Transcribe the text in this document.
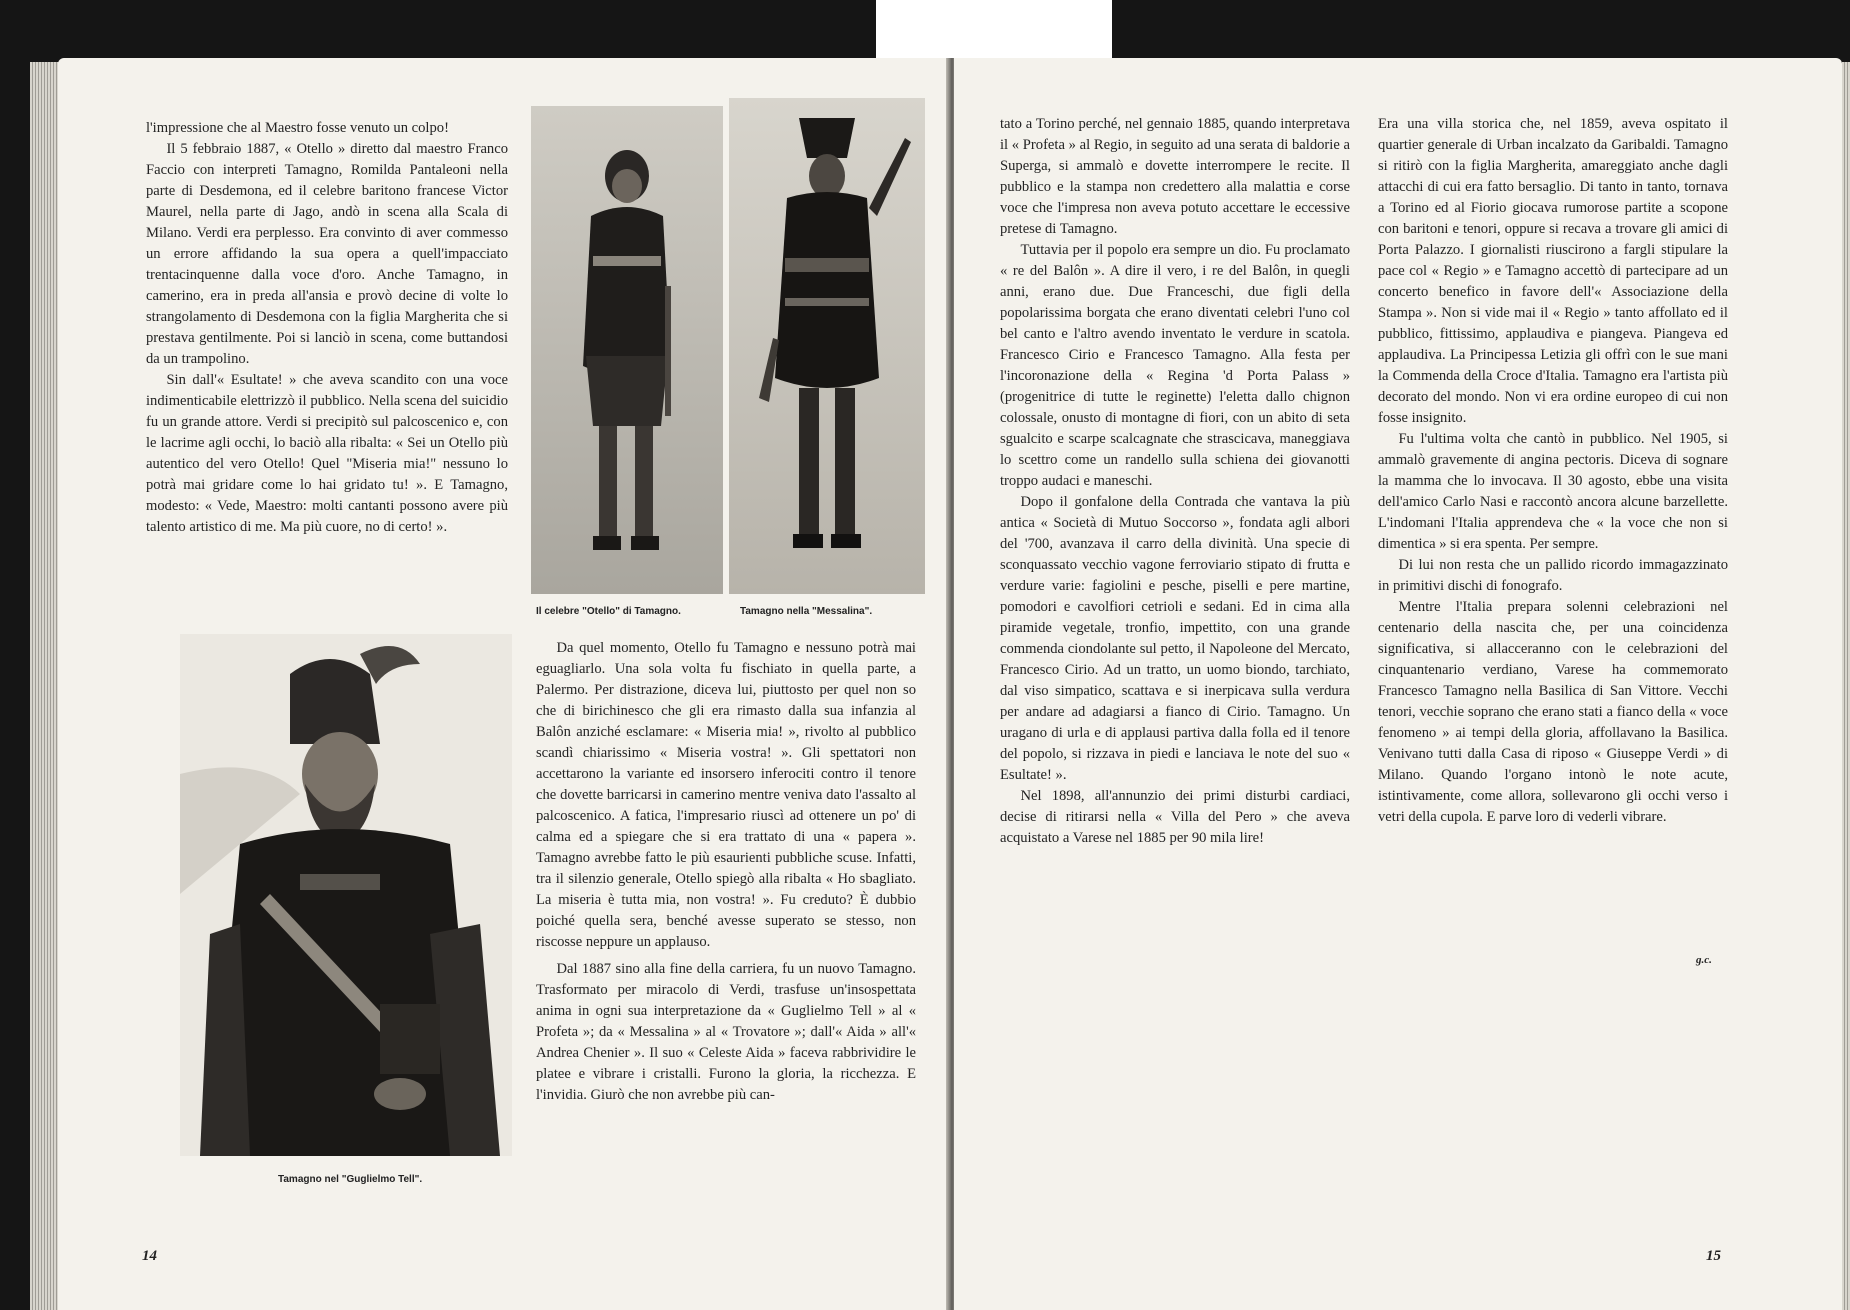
l'impressione che al Maestro fosse venuto un colpo!

Il 5 febbraio 1887, « Otello » diretto dal maestro Franco Faccio con interpreti Tamagno, Romilda Pantaleoni nella parte di Desdemona, ed il celebre baritono francese Victor Maurel, nella parte di Jago, andò in scena alla Scala di Milano. Verdi era perplesso. Era convinto di aver commesso un errore affidando la sua opera a quell'impacciato trentacinquenne dalla voce d'oro. Anche Tamagno, in camerino, era in preda all'ansia e provò decine di volte lo strangolamento di Desdemona con la figlia Margherita che si prestava gentilmente. Poi si lanciò in scena, come buttandosi da un trampolino.

Sin dall'« Esultate! » che aveva scandito con una voce indimenticabile elettrizzò il pubblico. Nella scena del suicidio fu un grande attore. Verdi si precipitò sul palcoscenico e, con le lacrime agli occhi, lo baciò alla ribalta: « Sei un Otello più autentico del vero Otello! Quel "Miseria mia!" nessuno lo potrà mai gridare come lo hai gridato tu! ». E Tamagno, modesto: « Vede, Maestro: molti cantanti possono avere più talento artistico di me. Ma più cuore, no di certo! ».

Il celebre "Otello" di Tamagno.	Tamagno nella "Messalina".
Tamagno nel "Guglielmo Tell".

Da quel momento, Otello fu Tamagno e nessuno potrà mai eguagliarlo. Una sola volta fu fischiato in quella parte, a Palermo. Per distrazione, diceva lui, piuttosto per quel non so che di birichinesco che gli era rimasto dalla sua infanzia al Balôn anziché esclamare: « Miseria mia! », rivolto al pubblico scandì chiarissimo « Miseria vostra! ». Gli spettatori non accettarono la variante ed insorsero inferociti contro il tenore che dovette barricarsi in camerino mentre veniva dato l'assalto al palcoscenico. A fatica, l'impresario riuscì ad ottenere un po' di calma ed a spiegare che si era trattato di una « papera ». Tamagno avrebbe fatto le più esaurienti pubbliche scuse. Infatti, tra il silenzio generale, Otello spiegò alla ribalta « Ho sbagliato. La miseria è tutta mia, non vostra! ». Fu creduto? È dubbio poiché quella sera, benché avesse superato se stesso, non riscosse neppure un applauso.

Dal 1887 sino alla fine della carriera, fu un nuovo Tamagno. Trasformato per miracolo di Verdi, trasfuse un'insospettata anima in ogni sua interpretazione da « Guglielmo Tell » al « Profeta »; da « Messalina » al « Trovatore »; dall'« Aida » all'« Andrea Chenier ». Il suo « Celeste Aida » faceva rabbrividire le platee e vibrare i cristalli. Furono la gloria, la ricchezza. E l'invidia. Giurò che non avrebbe più can-

14

tato a Torino perché, nel gennaio 1885, quando interpretava il « Profeta » al Regio, in seguito ad una serata di baldorie a Superga, si ammalò e dovette interrompere le recite. Il pubblico e la stampa non credettero alla malattia e corse voce che l'impresa non aveva potuto accettare le eccessive pretese di Tamagno.

Tuttavia per il popolo era sempre un dio. Fu proclamato « re del Balôn ». A dire il vero, i re del Balôn, in quegli anni, erano due. Due Franceschi, due figli della popolarissima borgata che erano diventati celebri l'uno col bel canto e l'altro avendo inventato le verdure in scatola. Francesco Cirio e Francesco Tamagno. Alla festa per l'incoronazione della « Regina 'd Porta Palass » (progenitrice di tutte le reginette) l'eletta dallo chignon colossale, onusto di montagne di fiori, con un abito di seta sgualcito e scarpe scalcagnate che strascicava, maneggiava lo scettro come un randello sulla schiena dei giovanotti troppo audaci e maneschi.

Dopo il gonfalone della Contrada che vantava la più antica « Società di Mutuo Soccorso », fondata agli albori del '700, avanzava il carro della divinità. Una specie di sconquassato vecchio vagone ferroviario stipato di frutta e verdure varie: fagiolini e pesche, piselli e pere martine, pomodori e cavolfiori cetrioli e sedani. Ed in cima alla piramide vegetale, tronfio, impettito, con una grande commenda ciondolante sul petto, il Napoleone del Mercato, Francesco Cirio. Ad un tratto, un uomo biondo, tarchiato, dal viso simpatico, scattava e si inerpicava sulla verdura per andare ad adagiarsi a fianco di Cirio. Tamagno. Un uragano di urla e di applausi partiva dalla folla ed il tenore del popolo, si rizzava in piedi e lanciava le note del suo « Esultate! ».

Nel 1898, all'annunzio dei primi disturbi cardiaci, decise di ritirarsi nella « Villa del Pero » che aveva acquistato a Varese nel 1885 per 90 mila lire!

Era una villa storica che, nel 1859, aveva ospitato il quartier generale di Urban incalzato da Garibaldi. Tamagno si ritirò con la figlia Margherita, amareggiato anche dagli attacchi di cui era fatto bersaglio. Di tanto in tanto, tornava a Torino ed al Fiorio giocava rumorose partite a scopone con baritoni e tenori, oppure si recava a trovare gli amici di Porta Palazzo. I giornalisti riuscirono a fargli stipulare la pace col « Regio » e Tamagno accettò di partecipare ad un concerto benefico in favore dell'« Associazione della Stampa ». Non si vide mai il « Regio » tanto affollato ed il pubblico, fittissimo, applaudiva e piangeva. Piangeva ed applaudiva. La Principessa Letizia gli offrì con le sue mani la Commenda della Croce d'Italia. Tamagno era l'artista più decorato del mondo. Non vi era ordine europeo di cui non fosse insignito.

Fu l'ultima volta che cantò in pubblico. Nel 1905, si ammalò gravemente di angina pectoris. Diceva di sognare la mamma che lo invocava. Il 30 agosto, ebbe una visita dell'amico Carlo Nasi e raccontò ancora alcune barzellette. L'indomani l'Italia apprendeva che « la voce che non si dimentica » si era spenta. Per sempre.

Di lui non resta che un pallido ricordo immagazzinato in primitivi dischi di fonografo.

Mentre l'Italia prepara solenni celebrazioni nel centenario della nascita che, per una coincidenza significativa, si allacceranno con le celebrazioni del cinquantenario verdiano, Varese ha commemorato Francesco Tamagno nella Basilica di San Vittore. Vecchi tenori, vecchie soprano che erano stati a fianco della « voce fenomeno » ai tempi della gloria, affollavano la Basilica. Venivano tutti dalla Casa di riposo « Giuseppe Verdi » di Milano. Quando l'organo intonò le note acute, istintivamente, come allora, sollevarono gli occhi verso i vetri della cupola. E parve loro di vederli vibrare.

g.c.
15
